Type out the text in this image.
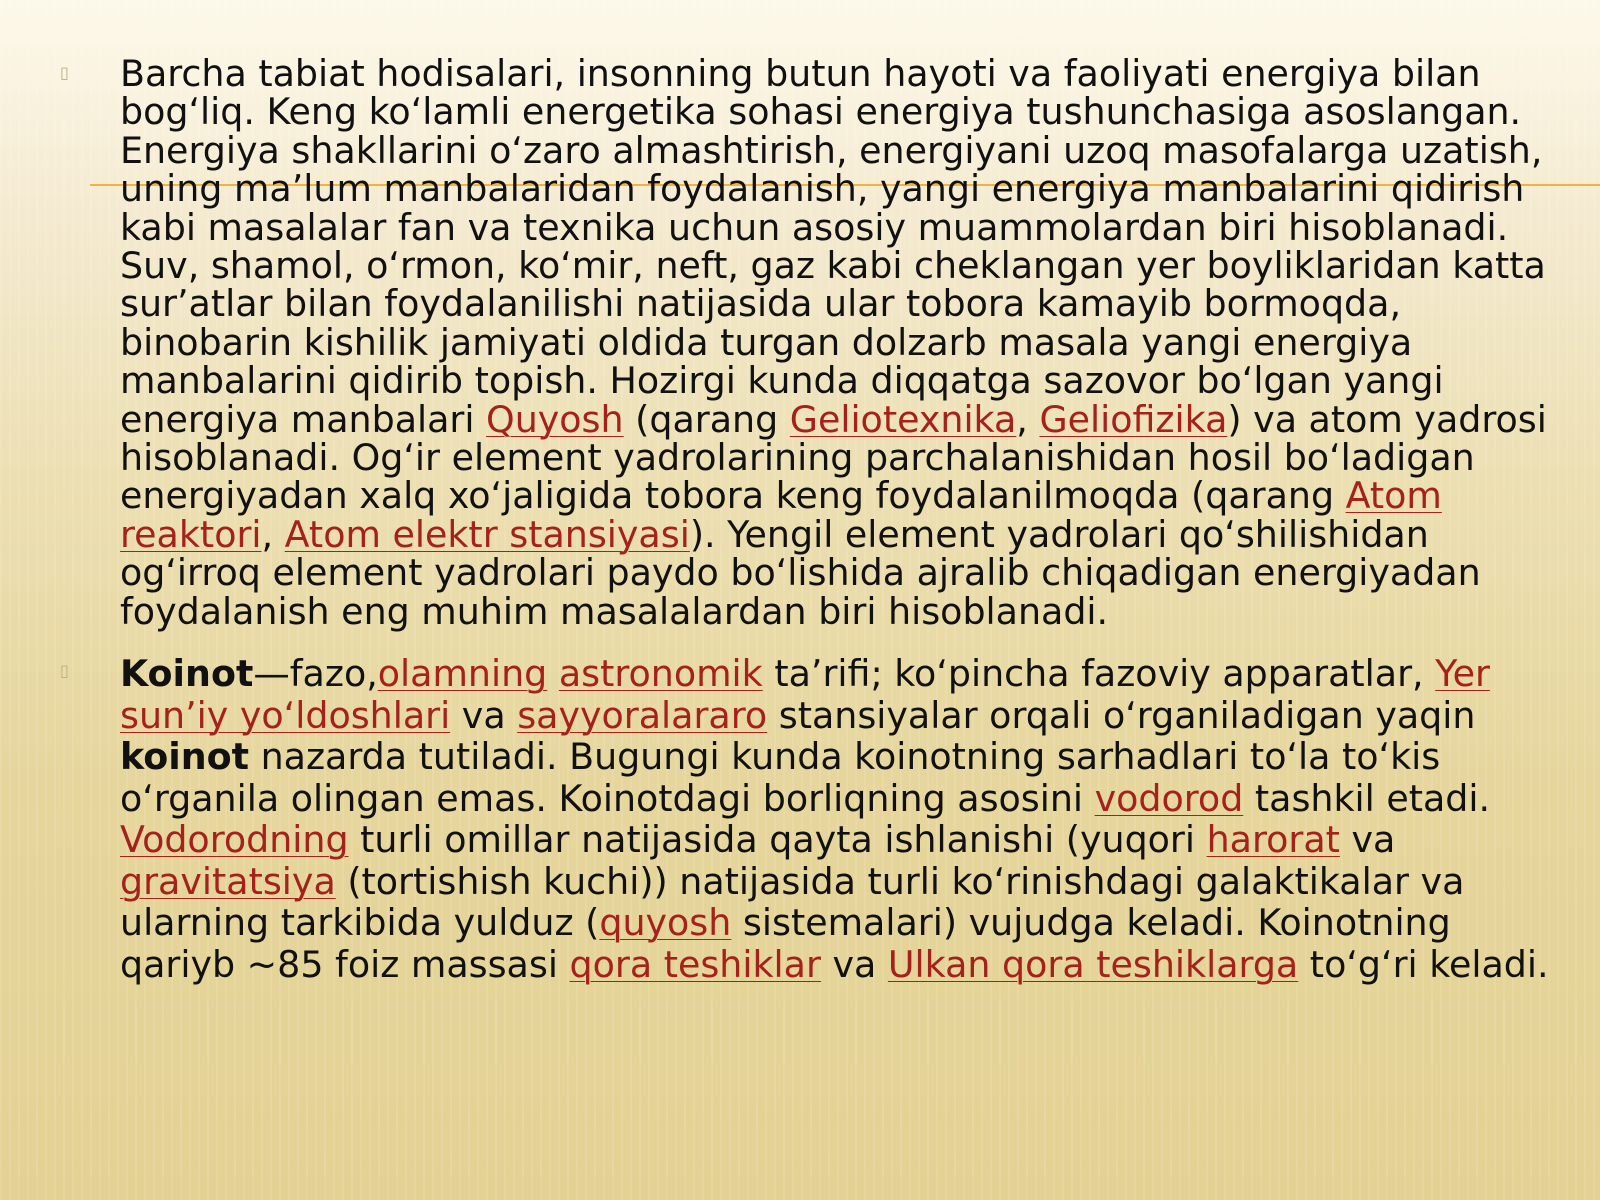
▯ Barcha tabiat hodisalari, insonning butun hayoti va faoliyati energiya bilan bog‘liq. Keng ko‘lamli energetika sohasi energiya tushunchasiga asoslangan. Energiya shakllarini o‘zaro almashtirish, energiyani uzoq masofalarga uzatish, uning ma’lum manbalaridan foydalanish, yangi energiya manbalarini qidirish kabi masalalar fan va texnika uchun asosiy muammolardan biri hisoblanadi. Suv, shamol, o‘rmon, ko‘mir, neft, gaz kabi cheklangan yer boyliklaridan katta sur’atlar bilan foydalanilishi natijasida ular tobora kamayib bormoqda, binobarin kishilik jamiyati oldida turgan dolzarb masala yangi energiya manbalarini qidirib topish. Hozirgi kunda diqqatga sazovor bo‘lgan yangi energiya manbalari Quyosh (qarang Geliotexnika, Geliofizika) va atom yadrosi hisoblanadi. Og‘ir element yadrolarining parchalanishidan hosil bo‘ladigan energiyadan xalq xo‘jaligida tobora keng foydalanilmoqda (qarang Atom reaktori, Atom elektr stansiyasi). Yengil element yadrolari qo‘shilishidan og‘irroq element yadrolari paydo bo‘lishida ajralib chiqadigan energiyadan foydalanish eng muhim masalalardan biri hisoblanadi.

▯ Koinot—fazo,olamning astronomik ta’rifi; ko‘pincha fazoviy apparatlar, Yer sun’iy yo‘ldoshlari va sayyoralararo stansiyalar orqali o‘rganiladigan yaqin koinot nazarda tutiladi. Bugungi kunda koinotning sarhadlari to‘la to‘kis o‘rganila olingan emas. Koinotdagi borliqning asosini vodorod tashkil etadi. Vodorodning turli omillar natijasida qayta ishlanishi (yuqori harorat va gravitatsiya (tortishish kuchi)) natijasida turli ko‘rinishdagi galaktikalar va ularning tarkibida yulduz (quyosh sistemalari) vujudga keladi. Koinotning qariyb ~85 foiz massasi qora teshiklar va Ulkan qora teshiklarga to‘g‘ri keladi.
